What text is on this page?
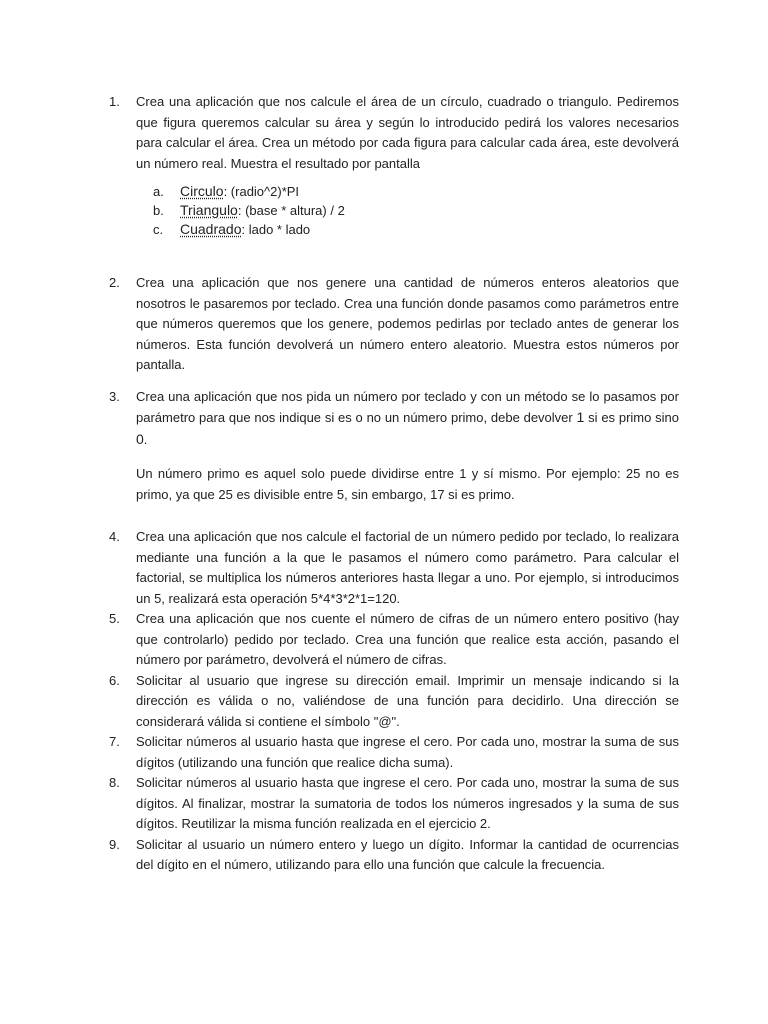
1. Crea una aplicación que nos calcule el área de un círculo, cuadrado o triangulo. Pediremos que figura queremos calcular su área y según lo introducido pedirá los valores necesarios para calcular el área. Crea un método por cada figura para calcular cada área, este devolverá un número real. Muestra el resultado por pantalla

a. Circulo: (radio^2)*PI
b. Triangulo: (base * altura) / 2
c. Cuadrado: lado * lado
2. Crea una aplicación que nos genere una cantidad de números enteros aleatorios que nosotros le pasaremos por teclado. Crea una función donde pasamos como parámetros entre que números queremos que los genere, podemos pedirlas por teclado antes de generar los números. Esta función devolverá un número entero aleatorio. Muestra estos números por pantalla.

3. Crea una aplicación que nos pida un número por teclado y con un método se lo pasamos por parámetro para que nos indique si es o no un número primo, debe devolver 1 si es primo sino 0.

Un número primo es aquel solo puede dividirse entre 1 y sí mismo. Por ejemplo: 25 no es primo, ya que 25 es divisible entre 5, sin embargo, 17 si es primo.

4. Crea una aplicación que nos calcule el factorial de un número pedido por teclado, lo realizara mediante una función a la que le pasamos el número como parámetro. Para calcular el factorial, se multiplica los números anteriores hasta llegar a uno. Por ejemplo, si introducimos un 5, realizará esta operación 5*4*3*2*1=120.

5. Crea una aplicación que nos cuente el número de cifras de un número entero positivo (hay que controlarlo) pedido por teclado. Crea una función que realice esta acción, pasando el número por parámetro, devolverá el número de cifras.

6. Solicitar al usuario que ingrese su dirección email. Imprimir un mensaje indicando si la dirección es válida o no, valiéndose de una función para decidirlo. Una dirección se considerará válida si contiene el símbolo "@".

7. Solicitar números al usuario hasta que ingrese el cero. Por cada uno, mostrar la suma de sus dígitos (utilizando una función que realice dicha suma).

8. Solicitar números al usuario hasta que ingrese el cero. Por cada uno, mostrar la suma de sus dígitos. Al finalizar, mostrar la sumatoria de todos los números ingresados y la suma de sus dígitos. Reutilizar la misma función realizada en el ejercicio 2.

9. Solicitar al usuario un número entero y luego un dígito. Informar la cantidad de ocurrencias del dígito en el número, utilizando para ello una función que calcule la frecuencia.
